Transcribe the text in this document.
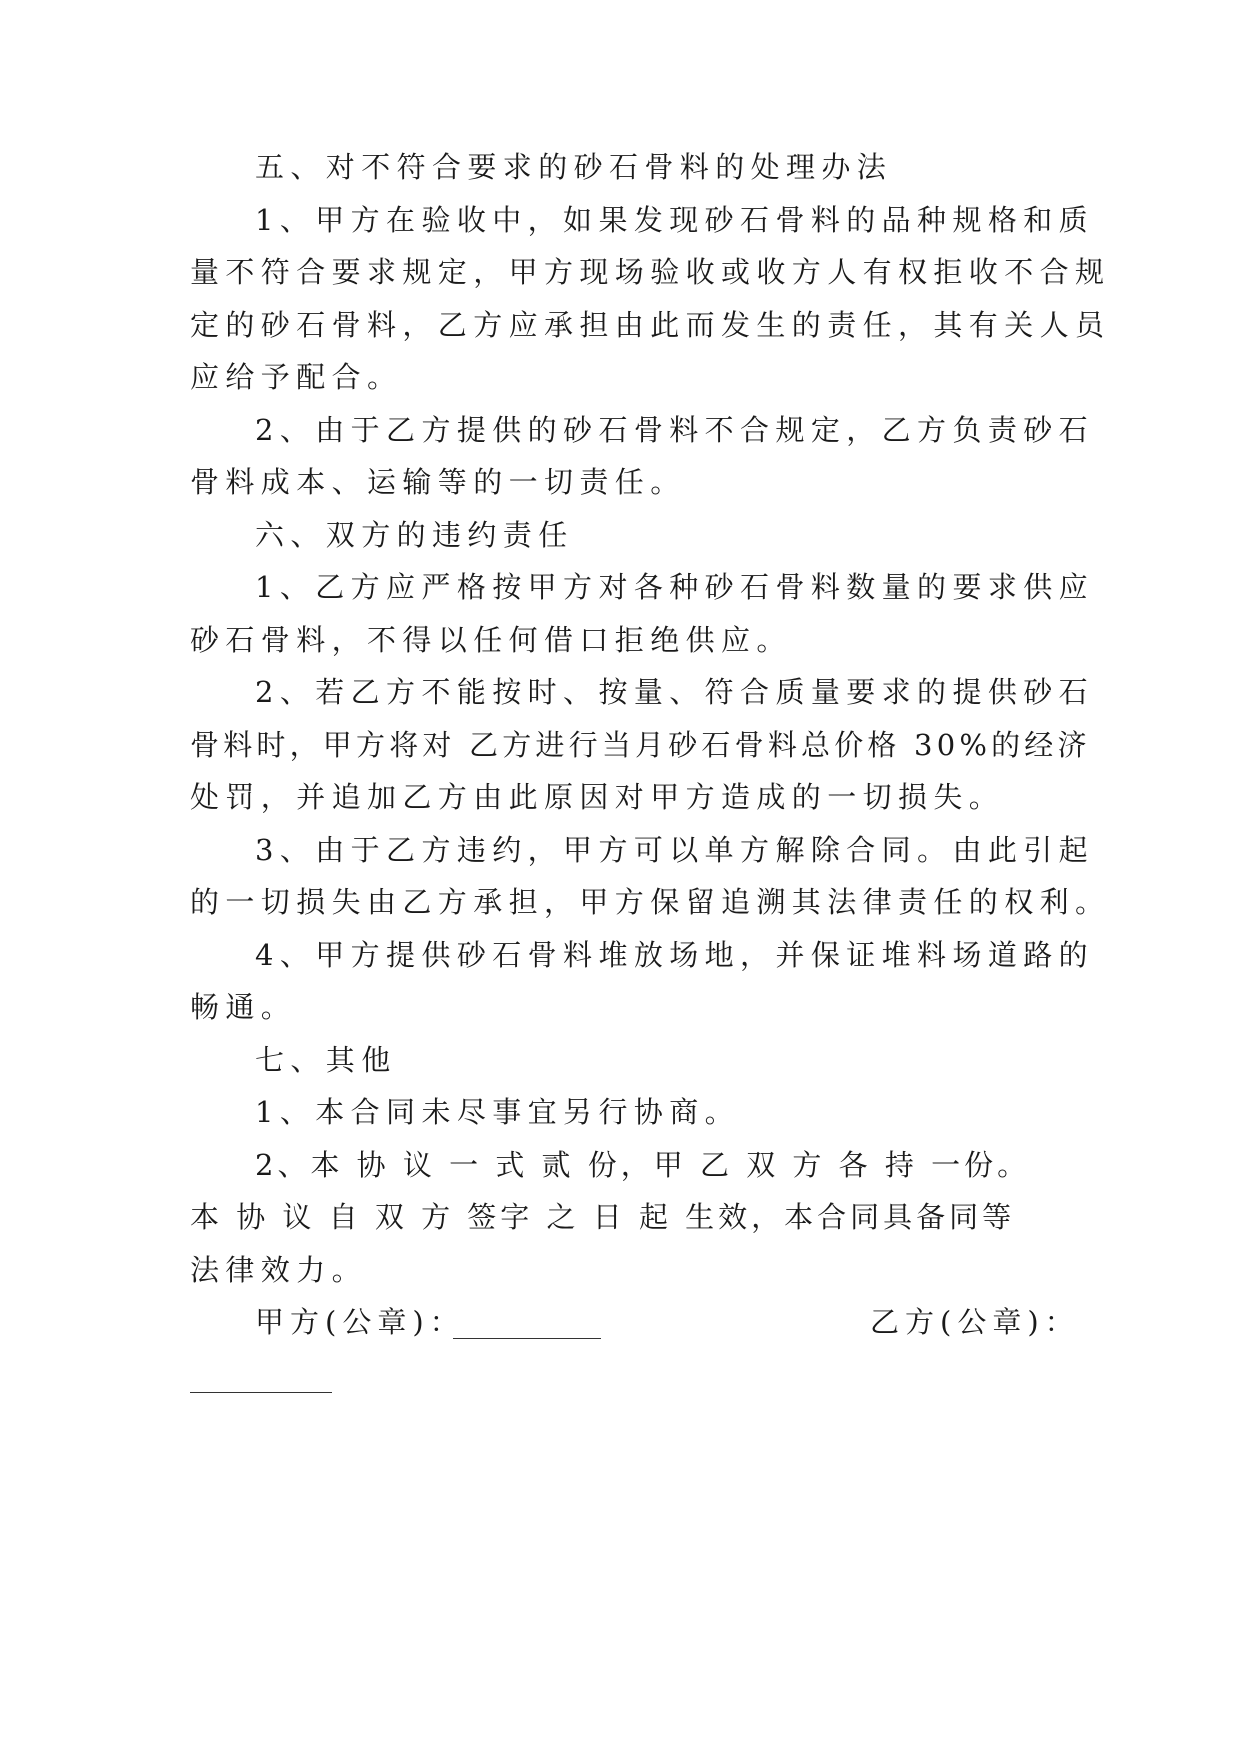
五、对不符合要求的砂石骨料的处理办法
1、甲方在验收中，如果发现砂石骨料的品种规格和质
量不符合要求规定，甲方现场验收或收方人有权拒收不合规
定的砂石骨料，乙方应承担由此而发生的责任，其有关人员
应给予配合。
2、由于乙方提供的砂石骨料不合规定，乙方负责砂石
骨料成本、运输等的一切责任。
六、双方的违约责任
1、乙方应严格按甲方对各种砂石骨料数量的要求供应
砂石骨料，不得以任何借口拒绝供应。
2、若乙方不能按时、按量、符合质量要求的提供砂石
骨料时，甲方将对 乙方进行当月砂石骨料总价格 30%的经济
处罚，并追加乙方由此原因对甲方造成的一切损失。
3、由于乙方违约，甲方可以单方解除合同。由此引起
的一切损失由乙方承担，甲方保留追溯其法律责任的权利。
4、甲方提供砂石骨料堆放场地，并保证堆料场道路的
畅通。
七、其他
1、本合同未尽事宜另行协商。
2、本 协 议 一 式 贰 份，甲 乙 双 方 各 持 一份。
本 协 议 自 双 方 签字 之 日 起 生效，本合同具备同等
法律效力。
甲方(公章)：	乙方(公章)：
